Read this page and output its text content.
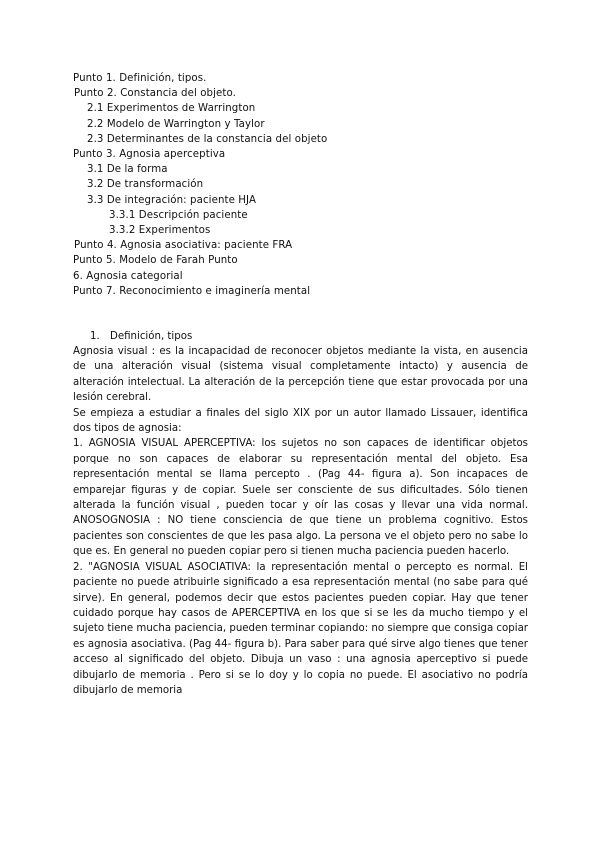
Punto 1. Definición, tipos.
Punto 2. Constancia del objeto.
2.1 Experimentos de Warrington
2.2 Modelo de Warrington y Taylor
2.3 Determinantes de la constancia del objeto
Punto 3. Agnosia aperceptiva
3.1 De la forma
3.2 De transformación
3.3 De integración: paciente HJA
3.3.1 Descripción paciente
3.3.2 Experimentos
Punto 4. Agnosia asociativa: paciente FRA
Punto 5. Modelo de Farah Punto
6. Agnosia categorial
Punto 7. Reconocimiento e imaginería mental
1. Definición, tipos

Agnosia visual : es la incapacidad de reconocer objetos mediante la vista, en ausencia de una alteración visual (sistema visual completamente intacto) y ausencia de alteración intelectual. La alteración de la percepción tiene que estar provocada por una lesión cerebral.

Se empieza a estudiar a finales del siglo XIX por un autor llamado Lissauer, identifica dos tipos de agnosia:

1. AGNOSIA VISUAL APERCEPTIVA: los sujetos no son capaces de identificar objetos porque no son capaces de elaborar su representación mental del objeto. Esa representación mental se llama percepto . (Pag 44- figura a). Son incapaces de emparejar figuras y de copiar. Suele ser consciente de sus dificultades. Sólo tienen alterada la función visual , pueden tocar y oír las cosas y llevar una vida normal. ANOSOGNOSIA : NO tiene consciencia de que tiene un problema cognitivo. Estos pacientes son conscientes de que les pasa algo. La persona ve el objeto pero no sabe lo que es. En general no pueden copiar pero si tienen mucha paciencia pueden hacerlo.

2. "AGNOSIA VISUAL ASOCIATIVA: la representación mental o percepto es normal. El paciente no puede atribuirle significado a esa representación mental (no sabe para qué sirve). En general, podemos decir que estos pacientes pueden copiar. Hay que tener cuidado porque hay casos de APERCEPTIVA en los que si se les da mucho tiempo y el sujeto tiene mucha paciencia, pueden terminar copiando: no siempre que consiga copiar es agnosia asociativa. (Pag 44- figura b). Para saber para qué sirve algo tienes que tener acceso al significado del objeto. Dibuja un vaso : una agnosia aperceptivo si puede dibujarlo de memoria . Pero si se lo doy y lo copia no puede. El asociativo no podría dibujarlo de memoria
